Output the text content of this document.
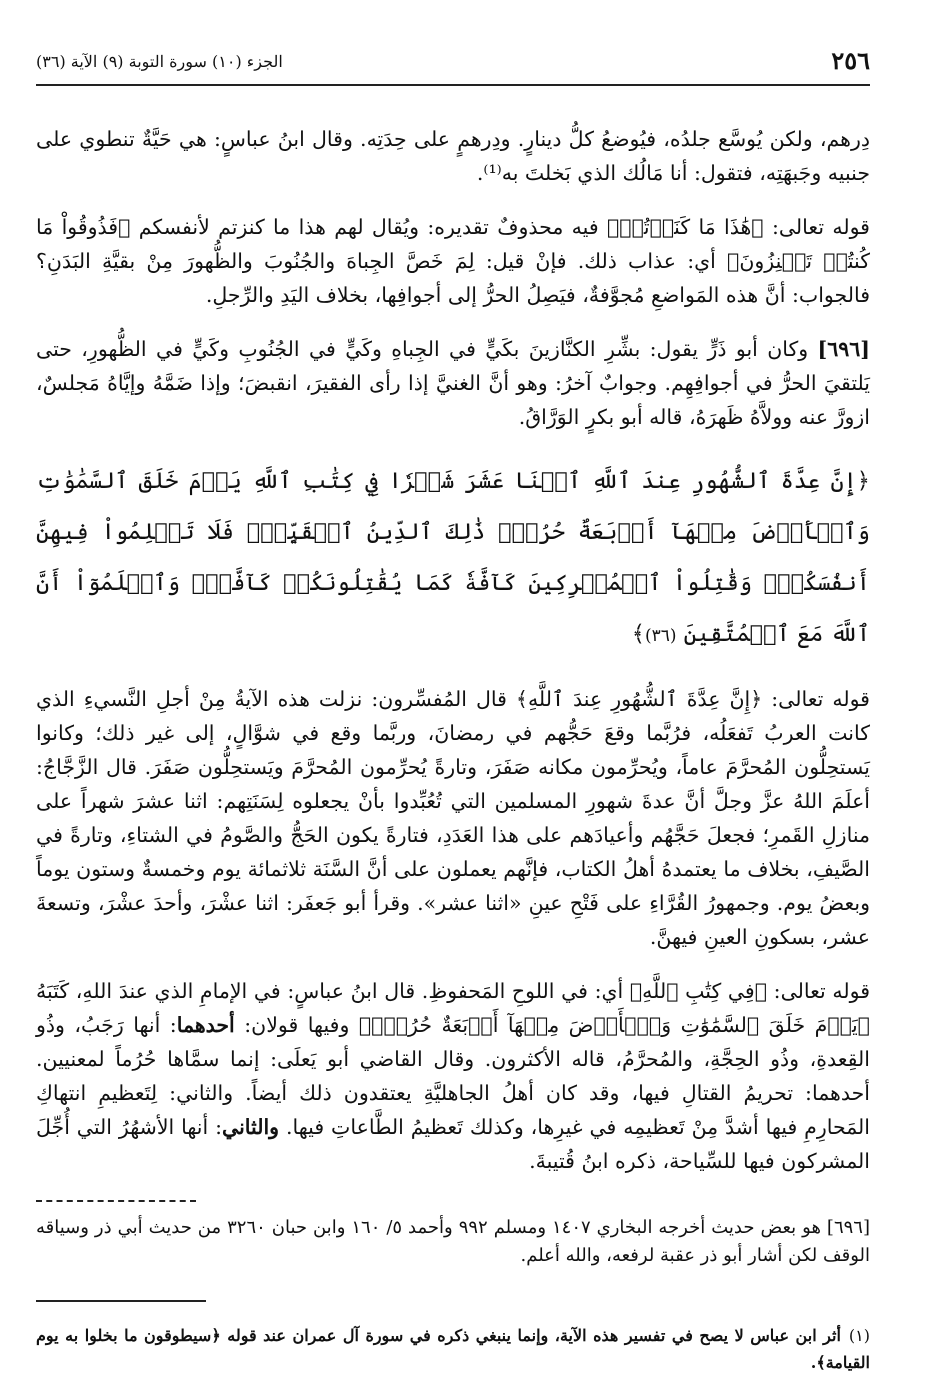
٢٥٦
الجزء (١٠) سورة التوبة (٩) الآية (٣٦)

دِرهم، ولكن يُوسَّع جلدُه، فيُوضعُ كلُّ دينارٍ. ودِرهمٍ على حِدَتِه. وقال ابنُ عباسٍ: هي حَيَّةٌ تنطوي على جنبيه وجَبهَتِه، فتقول: أنا مَالُك الذي بَخلتَ به⁽¹⁾.

قوله تعالى: ﴿هَٰذَا مَا كَنَزۡتُمۡ﴾ فيه محذوفٌ تقديره: ويُقال لهم هذا ما كنزتم لأنفسكم ﴿فَذُوقُواْ مَا كُنتُمۡ تَكۡنِزُونَ﴾ أي: عذاب ذلك. فإنْ قيل: لِمَ خَصَّ الجِباهَ والجُنُوبَ والظُّهورَ مِنْ بقيَّةِ البَدَنِ؟ فالجواب: أنَّ هذه المَواضعِ مُجوَّفةٌ، فيَصِلُ الحرُّ إلى أجوافِها، بخلاف اليَدِ والرِّجلِ.

[٦٩٦] وكان أبو ذَرٍّ يقول: بشِّرِ الكنَّازينَ بكَيٍّ في الجِباهِ وكَيٍّ في الجُنُوبِ وكَيٍّ في الظُّهورِ، حتى يَلتقيَ الحرُّ في أجوافِهِم. وجوابٌ آخرُ: وهو أنَّ الغنيَّ إذا رأى الفقيرَ، انقبضَ؛ وإذا ضَمَّهُ وإيَّاهُ مَجلسٌ، ازورَّ عنه وولاَّهُ ظَهرَهُ، قاله أبو بكرٍ الوَرَّاقُ.

﴿إِنَّ عِدَّةَ ٱلشُّهُورِ عِندَ ٱللَّهِ ٱثۡنَا عَشَرَ شَهۡرٗا فِي كِتَٰبِ ٱللَّهِ يَوۡمَ خَلَقَ ٱلسَّمَٰوَٰتِ وَٱلۡأَرۡضَ مِنۡهَآ أَرۡبَعَةٌ حُرُمٞۚ ذَٰلِكَ ٱلدِّينُ ٱلۡقَيِّمُۚ فَلَا تَظۡلِمُواْ فِيهِنَّ أَنفُسَكُمۡۚ وَقَٰتِلُواْ ٱلۡمُشۡرِكِينَ كَآفَّةٗ كَمَا يُقَٰتِلُونَكُمۡ كَآفَّةٗۚ وَٱعۡلَمُوٓاْ أَنَّ ٱللَّهَ مَعَ ٱلۡمُتَّقِينَ (٣٦)﴾

قوله تعالى: ﴿إِنَّ عِدَّةَ ٱلشُّهُورِ عِندَ ٱللَّهِ﴾ قال المُفسِّرون: نزلت هذه الآيةُ مِنْ أجلِ النَّسيءِ الذي كانت العربُ تَفعَلُه، فرُبَّما وقعَ حَجُّهم في رمضانَ، وربَّما وقع في شوَّالٍ، إلى غير ذلك؛ وكانوا يَستحِلُّون المُحرَّمَ عاماً، ويُحرِّمون مكانه صَفَرَ، وتارةً يُحرِّمون المُحرَّمَ ويَستحِلُّون صَفَرَ. قال الزَّجَّاجُ: أعلَمَ اللهُ عزَّ وجلَّ أنَّ عدةَ شهورِ المسلمين التي تُعُبِّدوا بأنْ يجعلوه لِسَنَتِهم: اثنا عشرَ شهراً على منازلِ القَمرِ؛ فجعلَ حَجَّهُم وأعيادَهم على هذا العَدَدِ، فتارةً يكون الحَجُّ والصَّومُ في الشتاءِ، وتارةً في الصَّيفِ، بخلاف ما يعتمدهُ أهلُ الكتاب، فإنَّهم يعملون على أنَّ السَّنَة ثلاثمائة يوم وخمسةٌ وستون يوماً وبعضُ يوم. وجمهورُ القُرَّاءِ على فَتْحِ عينِ «اثنا عشر». وقرأ أبو جَعفَر: اثنا عشْرَ، وأحدَ عشْرَ، وتسعةَ عشر، بسكونِ العينِ فيهنَّ.

قوله تعالى: ﴿فِي كِتَٰبِ ٱللَّهِ﴾ أي: في اللوحِ المَحفوظِ. قال ابنُ عباسٍ: في الإمامِ الذي عندَ اللهِ، كَتَبَهُ ﴿يَوۡمَ خَلَقَ ٱلسَّمَٰوَٰتِ وَٱلۡأَرۡضَ مِنۡهَآ أَرۡبَعَةٌ حُرُمٞۚ﴾ وفيها قولان: أحدهما: أنها رَجَبُ، وذُو القِعدةِ، وذُو الحِجَّةِ، والمُحرَّمُ، قاله الأكثرون. وقال القاضي أبو يَعلَى: إنما سمَّاها حُرُماً لمعنيين. أحدهما: تحريمُ القتالِ فيها، وقد كان أهلُ الجاهليَّةِ يعتقدون ذلك أيضاً. والثاني: لِتَعظيمِ انتهاكِ المَحارِمِ فيها أشدَّ مِنْ تَعظيمِه في غيرِها، وكذلك تَعظيمُ الطَّاعاتِ فيها. والثاني: أنها الأشهُرُ التي أُجِّلَ المشركون فيها للسِّياحة، ذكره ابنُ قُتيبةَ.

[٦٩٦] هو بعض حديث أخرجه البخاري ١٤٠٧ ومسلم ٩٩٢ وأحمد ٥/ ١٦٠ وابن حبان ٣٢٦٠ من حديث أبي ذر وسياقه الوقف لكن أشار أبو ذر عقبة لرفعه، والله أعلم.

(١)أثر ابن عباس لا يصح في تفسير هذه الآية، وإنما ينبغي ذكره في سورة آل عمران عند قوله ﴿سيطوقون ما بخلوا به يوم القيامة﴾.
